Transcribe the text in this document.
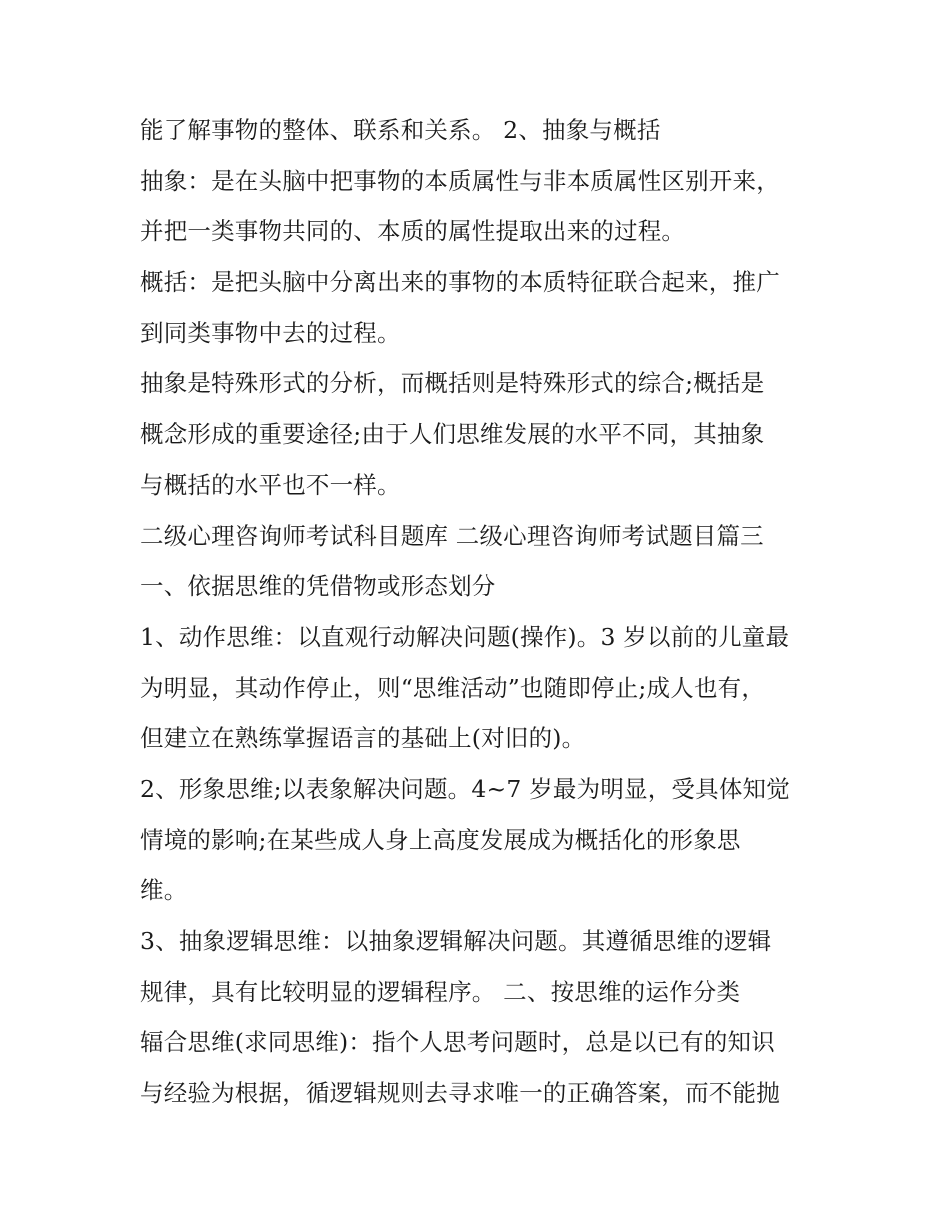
能了解事物的整体、联系和关系。 2、抽象与概括
抽象：是在头脑中把事物的本质属性与非本质属性区别开来，
并把一类事物共同的、本质的属性提取出来的过程。
概括：是把头脑中分离出来的事物的本质特征联合起来，推广
到同类事物中去的过程。
抽象是特殊形式的分析，而概括则是特殊形式的综合;概括是
概念形成的重要途径;由于人们思维发展的水平不同，其抽象
与概括的水平也不一样。
二级心理咨询师考试科目题库 二级心理咨询师考试题目篇三
一、依据思维的凭借物或形态划分
1、动作思维：以直观行动解决问题(操作)。3 岁以前的儿童最
为明显，其动作停止，则“思维活动”也随即停止;成人也有，
但建立在熟练掌握语言的基础上(对旧的)。
2、形象思维;以表象解决问题。4~7 岁最为明显，受具体知觉
情境的影响;在某些成人身上高度发展成为概括化的形象思
维。
3、抽象逻辑思维：以抽象逻辑解决问题。其遵循思维的逻辑
规律，具有比较明显的逻辑程序。 二、按思维的运作分类
辐合思维(求同思维)：指个人思考问题时，总是以已有的知识
与经验为根据，循逻辑规则去寻求唯一的正确答案，而不能抛
